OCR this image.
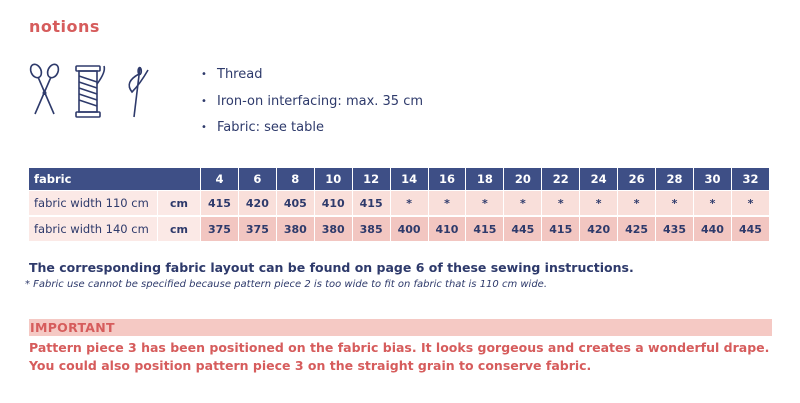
notions
• Thread
• Iron-on interfacing: max. 35 cm
• Fabric: see table
fabric		4	6	8	10	12	14	16	18	20	22	24	26	28	30	32
fabric width 110 cm	cm	415	420	405	410	415	*	*	*	*	*	*	*	*	*	*
fabric width 140 cm	cm	375	375	380	380	385	400	410	415	445	415	420	425	435	440	445
The corresponding fabric layout can be found on page 6 of these sewing instructions.
* Fabric use cannot be specified because pattern piece 2 is too wide to fit on fabric that is 110 cm wide.
IMPORTANT
Pattern piece 3 has been positioned on the fabric bias. It looks gorgeous and creates a wonderful drape. You could also position pattern piece 3 on the straight grain to conserve fabric.
